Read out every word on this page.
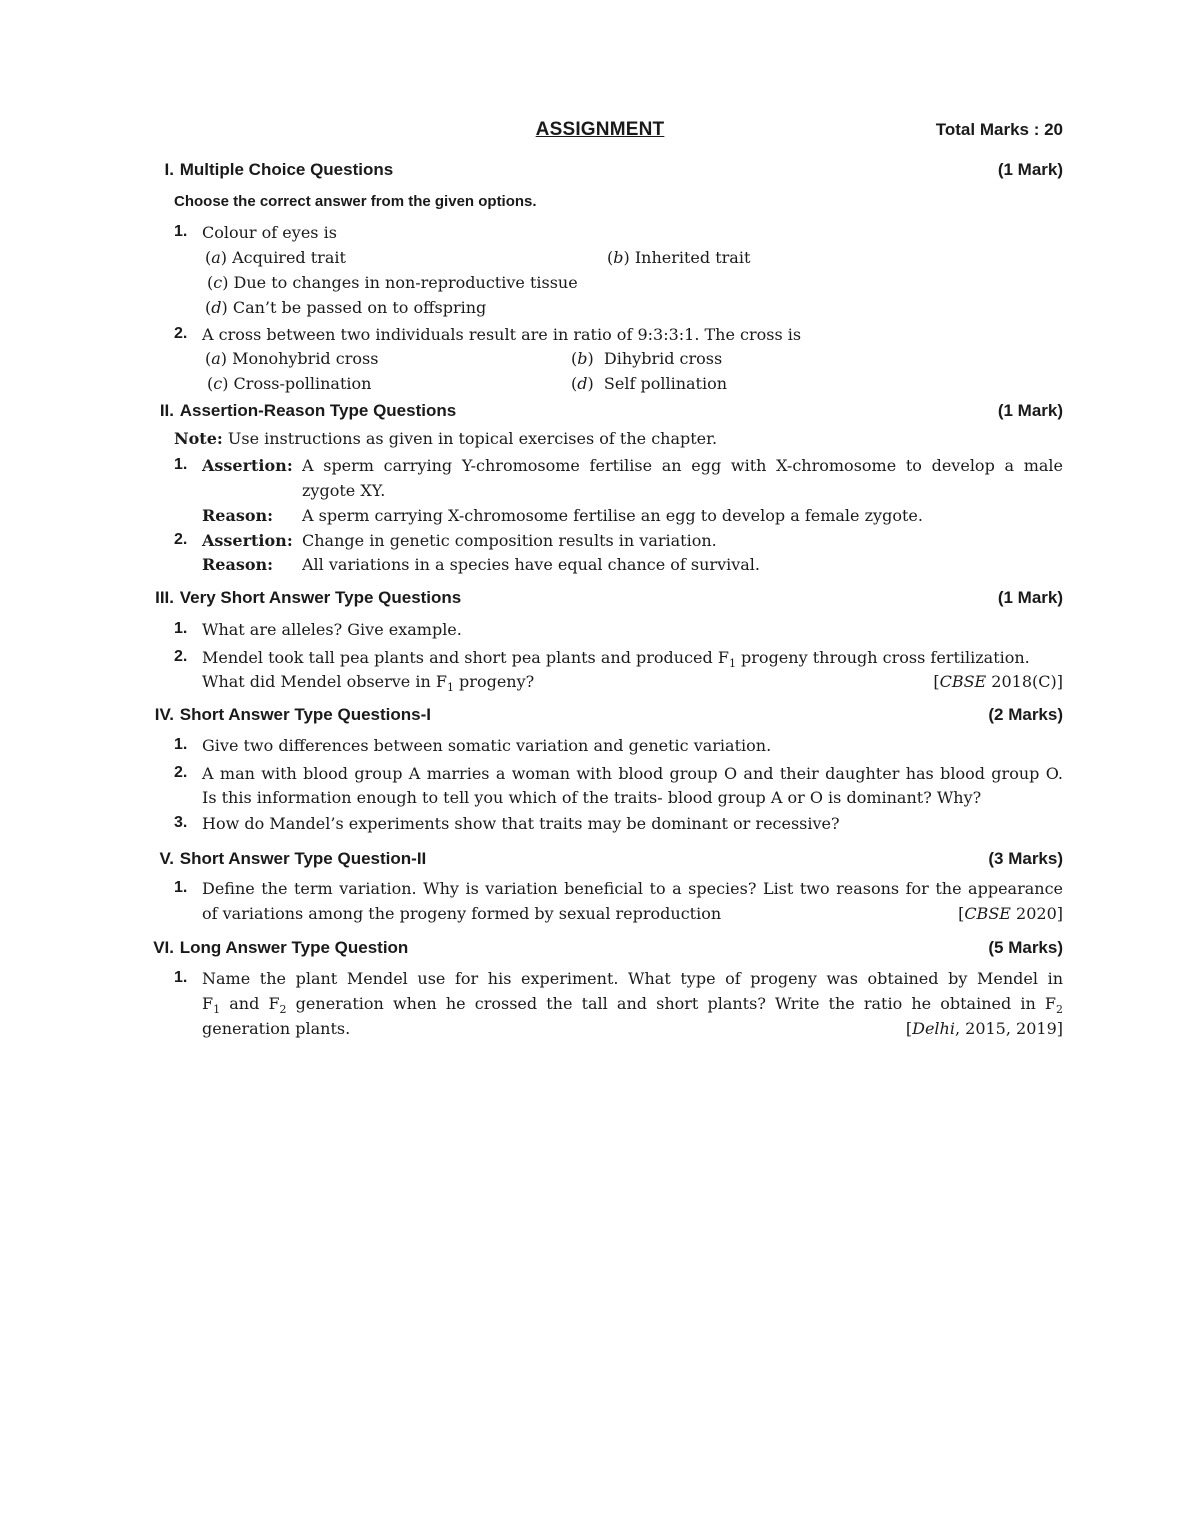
ASSIGNMENT	Total Marks : 20
I. Multiple Choice Questions	(1 Mark)
Choose the correct answer from the given options.
1. Colour of eyes is
(a) Acquired trait	(b) Inherited trait
(c) Due to changes in non-reproductive tissue
(d) Can’t be passed on to offspring
2. A cross between two individuals result are in ratio of 9:3:3:1. The cross is
(a) Monohybrid cross	(b)  Dihybrid cross
(c) Cross-pollination	(d)  Self pollination
II. Assertion-Reason Type Questions	(1 Mark)
Note: Use instructions as given in topical exercises of the chapter.
1. Assertion: A sperm carrying Y-chromosome fertilise an egg with X-chromosome to develop a male
zygote XY.
Reason: A sperm carrying X-chromosome fertilise an egg to develop a female zygote.
2. Assertion: Change in genetic composition results in variation.
Reason: All variations in a species have equal chance of survival.
III. Very Short Answer Type Questions	(1 Mark)
1. What are alleles? Give example.
2. Mendel took tall pea plants and short pea plants and produced $F_1$ progeny through cross fertilization.
What did Mendel observe in $F_1$ progeny?	[CBSE 2018(C)]
IV. Short Answer Type Questions-I	(2 Marks)
1. Give two differences between somatic variation and genetic variation.
2. A man with blood group A marries a woman with blood group O and their daughter has blood group O.
Is this information enough to tell you which of the traits- blood group A or O is dominant? Why?
3. How do Mandel’s experiments show that traits may be dominant or recessive?
V. Short Answer Type Question-II	(3 Marks)
1. Define the term variation. Why is variation beneficial to a species? List two reasons for the appearance
of variations among the progeny formed by sexual reproduction	[CBSE 2020]
VI. Long Answer Type Question	(5 Marks)
1. Name the plant Mendel use for his experiment. What type of progeny was obtained by Mendel in
$F_1$ and $F_2$ generation when he crossed the tall and short plants? Write the ratio he obtained in $F_2$
generation plants.	[Delhi, 2015, 2019]
